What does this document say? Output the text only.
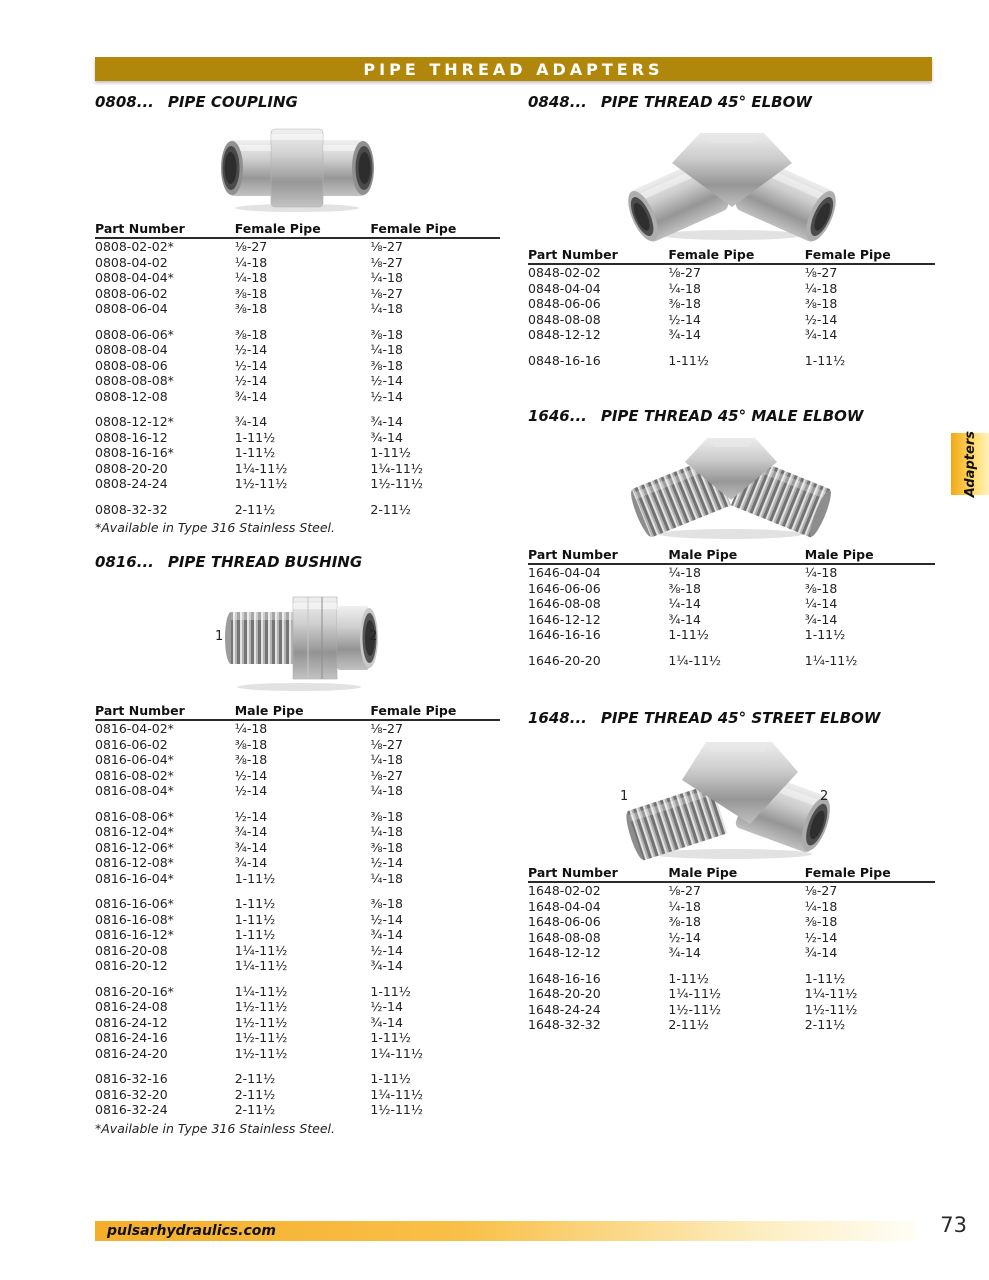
PIPE THREAD ADAPTERS
0808... PIPE COUPLING
Part Number	Female Pipe	Female Pipe
0808-02-02*	⅛-27	⅛-27
0808-04-02	¼-18	⅛-27
0808-04-04*	¼-18	¼-18
0808-06-02	⅜-18	⅛-27
0808-06-04	⅜-18	¼-18

0808-06-06*	⅜-18	⅜-18
0808-08-04	½-14	¼-18
0808-08-06	½-14	⅜-18
0808-08-08*	½-14	½-14
0808-12-08	¾-14	½-14

0808-12-12*	¾-14	¾-14
0808-16-12	1-11½	¾-14
0808-16-16*	1-11½	1-11½
0808-20-20	1¼-11½	1¼-11½
0808-24-24	1½-11½	1½-11½

0808-32-32	2-11½	2-11½

*Available in Type 316 Stainless Steel.

0816... PIPE THREAD BUSHING
1	2
Part Number	Male Pipe	Female Pipe
0816-04-02*	¼-18	⅛-27
0816-06-02	⅜-18	⅛-27
0816-06-04*	⅜-18	¼-18
0816-08-02*	½-14	⅛-27
0816-08-04*	½-14	¼-18

0816-08-06*	½-14	⅜-18
0816-12-04*	¾-14	¼-18
0816-12-06*	¾-14	⅜-18
0816-12-08*	¾-14	½-14
0816-16-04*	1-11½	¼-18

0816-16-06*	1-11½	⅜-18
0816-16-08*	1-11½	½-14
0816-16-12*	1-11½	¾-14
0816-20-08	1¼-11½	½-14
0816-20-12	1¼-11½	¾-14

0816-20-16*	1¼-11½	1-11½
0816-24-08	1½-11½	½-14
0816-24-12	1½-11½	¾-14
0816-24-16	1½-11½	1-11½
0816-24-20	1½-11½	1¼-11½

0816-32-16	2-11½	1-11½
0816-32-20	2-11½	1¼-11½
0816-32-24	2-11½	1½-11½

*Available in Type 316 Stainless Steel.

0848... PIPE THREAD 45° ELBOW
Part Number	Female Pipe	Female Pipe
0848-02-02	⅛-27	⅛-27
0848-04-04	¼-18	¼-18
0848-06-06	⅜-18	⅜-18
0848-08-08	½-14	½-14
0848-12-12	¾-14	¾-14

0848-16-16	1-11½	1-11½
1646... PIPE THREAD 45° MALE ELBOW
Part Number	Male Pipe	Male Pipe
1646-04-04	¼-18	¼-18
1646-06-06	⅜-18	⅜-18
1646-08-08	¼-14	¼-14
1646-12-12	¾-14	¾-14
1646-16-16	1-11½	1-11½

1646-20-20	1¼-11½	1¼-11½
1648... PIPE THREAD 45° STREET ELBOW
1	2
Part Number	Male Pipe	Female Pipe
1648-02-02	⅛-27	⅛-27
1648-04-04	¼-18	¼-18
1648-06-06	⅜-18	⅜-18
1648-08-08	½-14	½-14
1648-12-12	¾-14	¾-14

1648-16-16	1-11½	1-11½
1648-20-20	1¼-11½	1¼-11½
1648-24-24	1½-11½	1½-11½
1648-32-32	2-11½	2-11½
Adapters
pulsarhydraulics.com	73
